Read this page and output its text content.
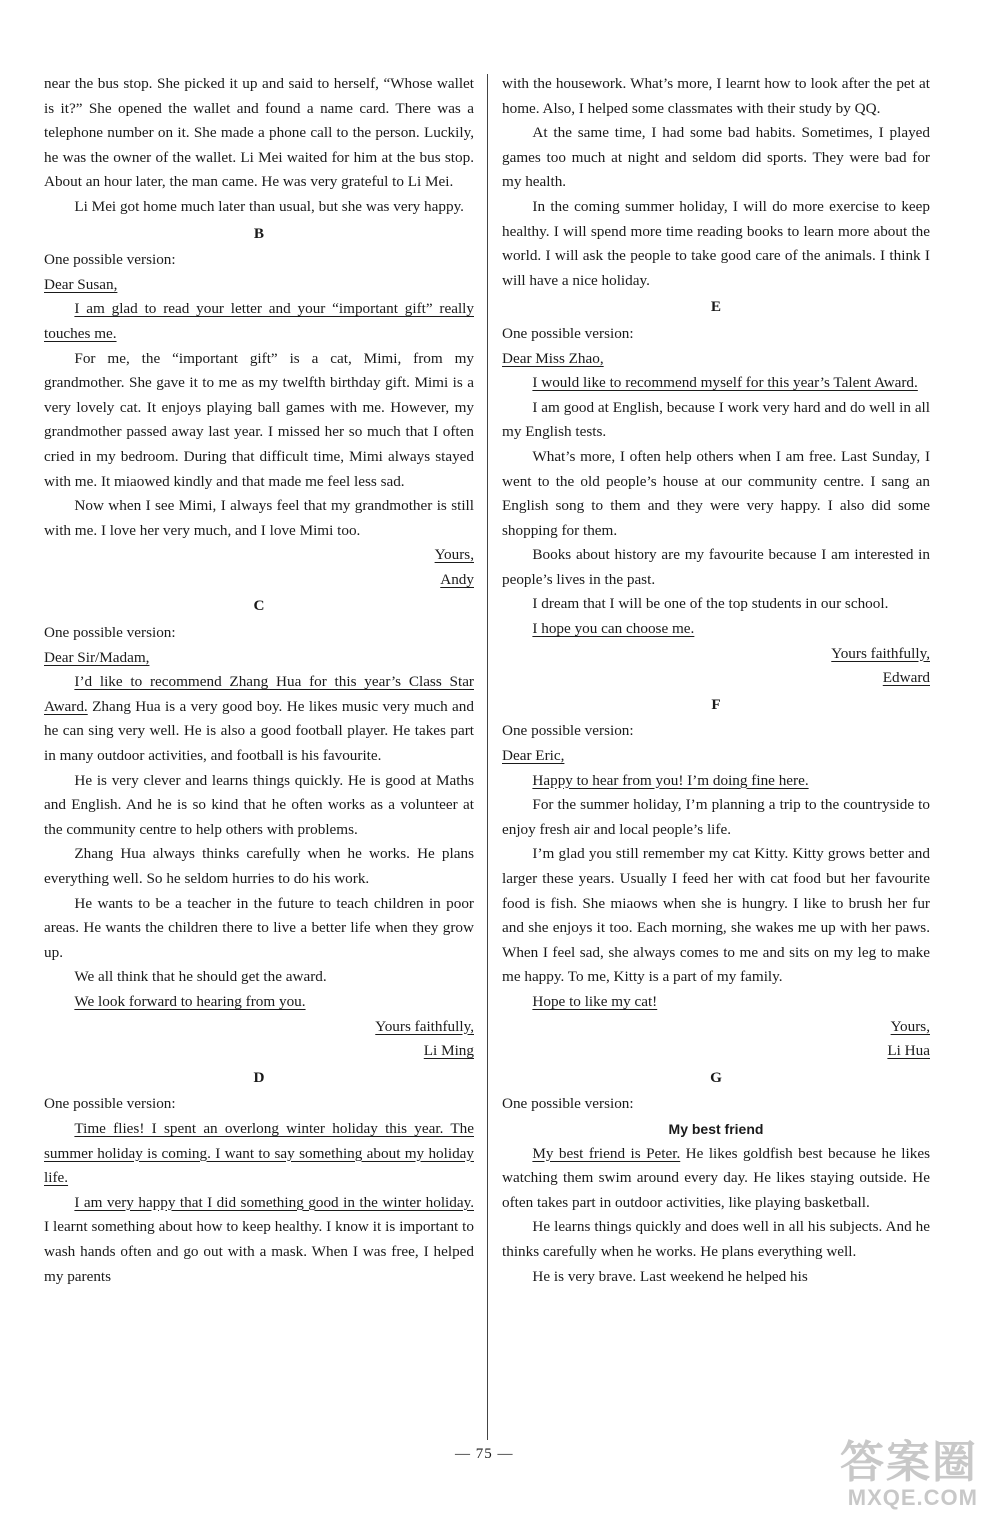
near the bus stop. She picked it up and said to herself, “Whose wallet is it?” She opened the wallet and found a name card. There was a telephone number on it. She made a phone call to the person. Luckily, he was the owner of the wallet. Li Mei waited for him at the bus stop. About an hour later, the man came. He was very grateful to Li Mei.

Li Mei got home much later than usual, but she was very happy.

B

One possible version:

Dear Susan,

I am glad to read your letter and your “important gift” really touches me.

For me, the “important gift” is a cat, Mimi, from my grandmother. She gave it to me as my twelfth birthday gift. Mimi is a very lovely cat. It enjoys playing ball games with me. However, my grandmother passed away last year. I missed her so much that I often cried in my bedroom. During that difficult time, Mimi always stayed with me. It miaowed kindly and that made me feel less sad.

Now when I see Mimi, I always feel that my grandmother is still with me. I love her very much, and I love Mimi too.

Yours,

Andy

C

One possible version:

Dear Sir/Madam,

I’d like to recommend Zhang Hua for this year’s Class Star Award. Zhang Hua is a very good boy. He likes music very much and he can sing very well. He is also a good football player. He takes part in many outdoor activities, and football is his favourite.

He is very clever and learns things quickly. He is good at Maths and English. And he is so kind that he often works as a volunteer at the community centre to help others with problems.

Zhang Hua always thinks carefully when he works. He plans everything well. So he seldom hurries to do his work.

He wants to be a teacher in the future to teach children in poor areas. He wants the children there to live a better life when they grow up.

We all think that he should get the award.

We look forward to hearing from you.

Yours faithfully,

Li Ming

D

One possible version:

Time flies! I spent an overlong winter holiday this year. The summer holiday is coming. I want to say something about my holiday life.

I am very happy that I did something good in the winter holiday. I learnt something about how to keep healthy. I know it is important to wash hands often and go out with a mask. When I was free, I helped my parents

with the housework. What’s more, I learnt how to look after the pet at home. Also, I helped some classmates with their study by QQ.

At the same time, I had some bad habits. Sometimes, I played games too much at night and seldom did sports. They were bad for my health.

In the coming summer holiday, I will do more exercise to keep healthy. I will spend more time reading books to learn more about the world. I will ask the people to take good care of the animals. I think I will have a nice holiday.

E

One possible version:

Dear Miss Zhao,

I would like to recommend myself for this year’s Talent Award.

I am good at English, because I work very hard and do well in all my English tests.

What’s more, I often help others when I am free. Last Sunday, I went to the old people’s house at our community centre. I sang an English song to them and they were very happy. I also did some shopping for them.

Books about history are my favourite because I am interested in people’s lives in the past.

I dream that I will be one of the top students in our school.

I hope you can choose me.

Yours faithfully,

Edward

F

One possible version:

Dear Eric,

Happy to hear from you! I’m doing fine here.

For the summer holiday, I’m planning a trip to the countryside to enjoy fresh air and local people’s life.

I’m glad you still remember my cat Kitty. Kitty grows better and larger these years. Usually I feed her with cat food but her favourite food is fish. She miaows when she is hungry. I like to brush her fur and she enjoys it too. Each morning, she wakes me up with her paws. When I feel sad, she always comes to me and sits on my leg to make me happy. To me, Kitty is a part of my family.

Hope to like my cat!

Yours,

Li Hua

G

One possible version:

My best friend

My best friend is Peter. He likes goldfish best because he likes watching them swim around every day. He likes staying outside. He often takes part in outdoor activities, like playing basketball.

He learns things quickly and does well in all his subjects. And he thinks carefully when he works. He plans everything well.

He is very brave. Last weekend he helped his

— 75 —	答案圈
MXQE.COM
